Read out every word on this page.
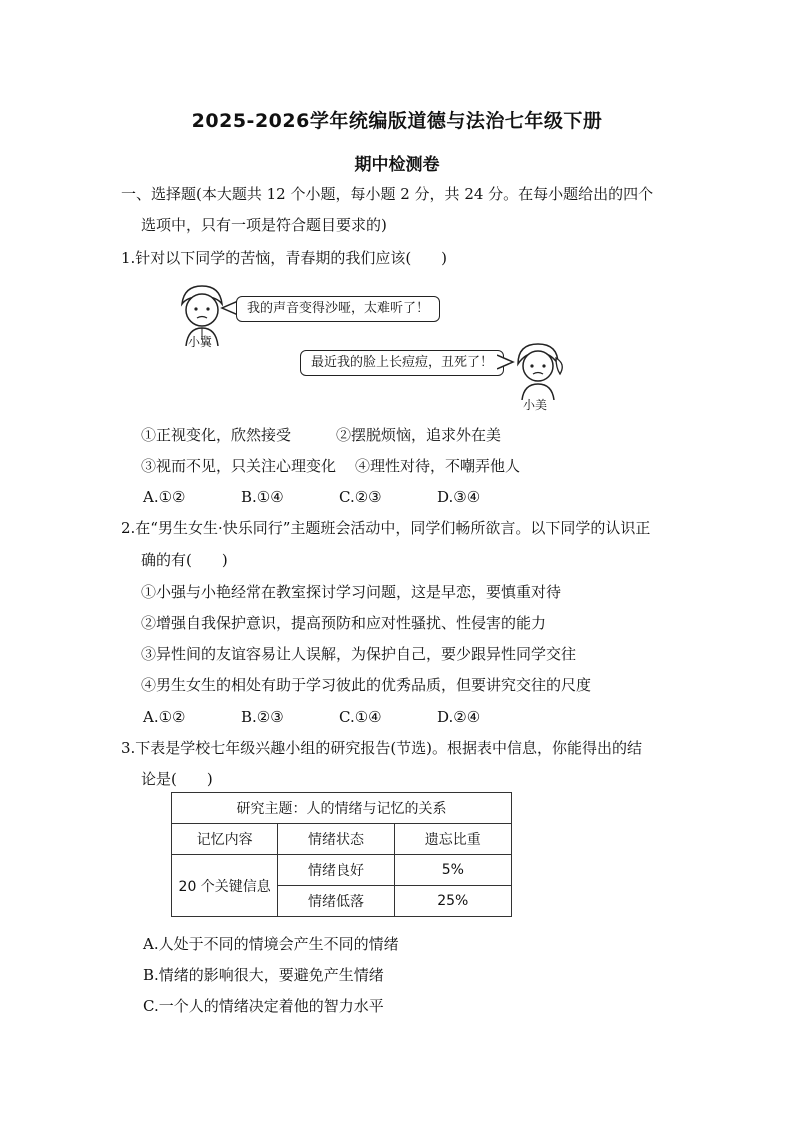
2025-2026学年统编版道德与法治七年级下册
期中检测卷
一、选择题(本大题共 12 个小题，每小题 2 分，共 24 分。在每小题给出的四个
选项中，只有一项是符合题目要求的)
1.针对以下同学的苦恼，青春期的我们应该(　　)
小冀
我的声音变得沙哑，太难听了！
最近我的脸上长痘痘，丑死了！
小美
①正视变化，欣然接受	②摆脱烦恼，追求外在美
③视而不见，只关注心理变化 ④理性对待，不嘲弄他人
A.①②	B.①④	C.②③	D.③④
2.在“男生女生·快乐同行”主题班会活动中，同学们畅所欲言。以下同学的认识正
确的有(　　)
①小强与小艳经常在教室探讨学习问题，这是早恋，要慎重对待
②增强自我保护意识，提高预防和应对性骚扰、性侵害的能力
③异性间的友谊容易让人误解，为保护自己，要少跟异性同学交往
④男生女生的相处有助于学习彼此的优秀品质，但要讲究交往的尺度
A.①②	B.②③	C.①④	D.②④
3.下表是学校七年级兴趣小组的研究报告(节选)。根据表中信息，你能得出的结
论是(　　)
研究主题：人的情绪与记忆的关系		
记忆内容	情绪状态	遗忘比重
20 个关键信息	情绪良好	5%
	情绪低落	25%
A.人处于不同的情境会产生不同的情绪
B.情绪的影响很大，要避免产生情绪
C.一个人的情绪决定着他的智力水平
